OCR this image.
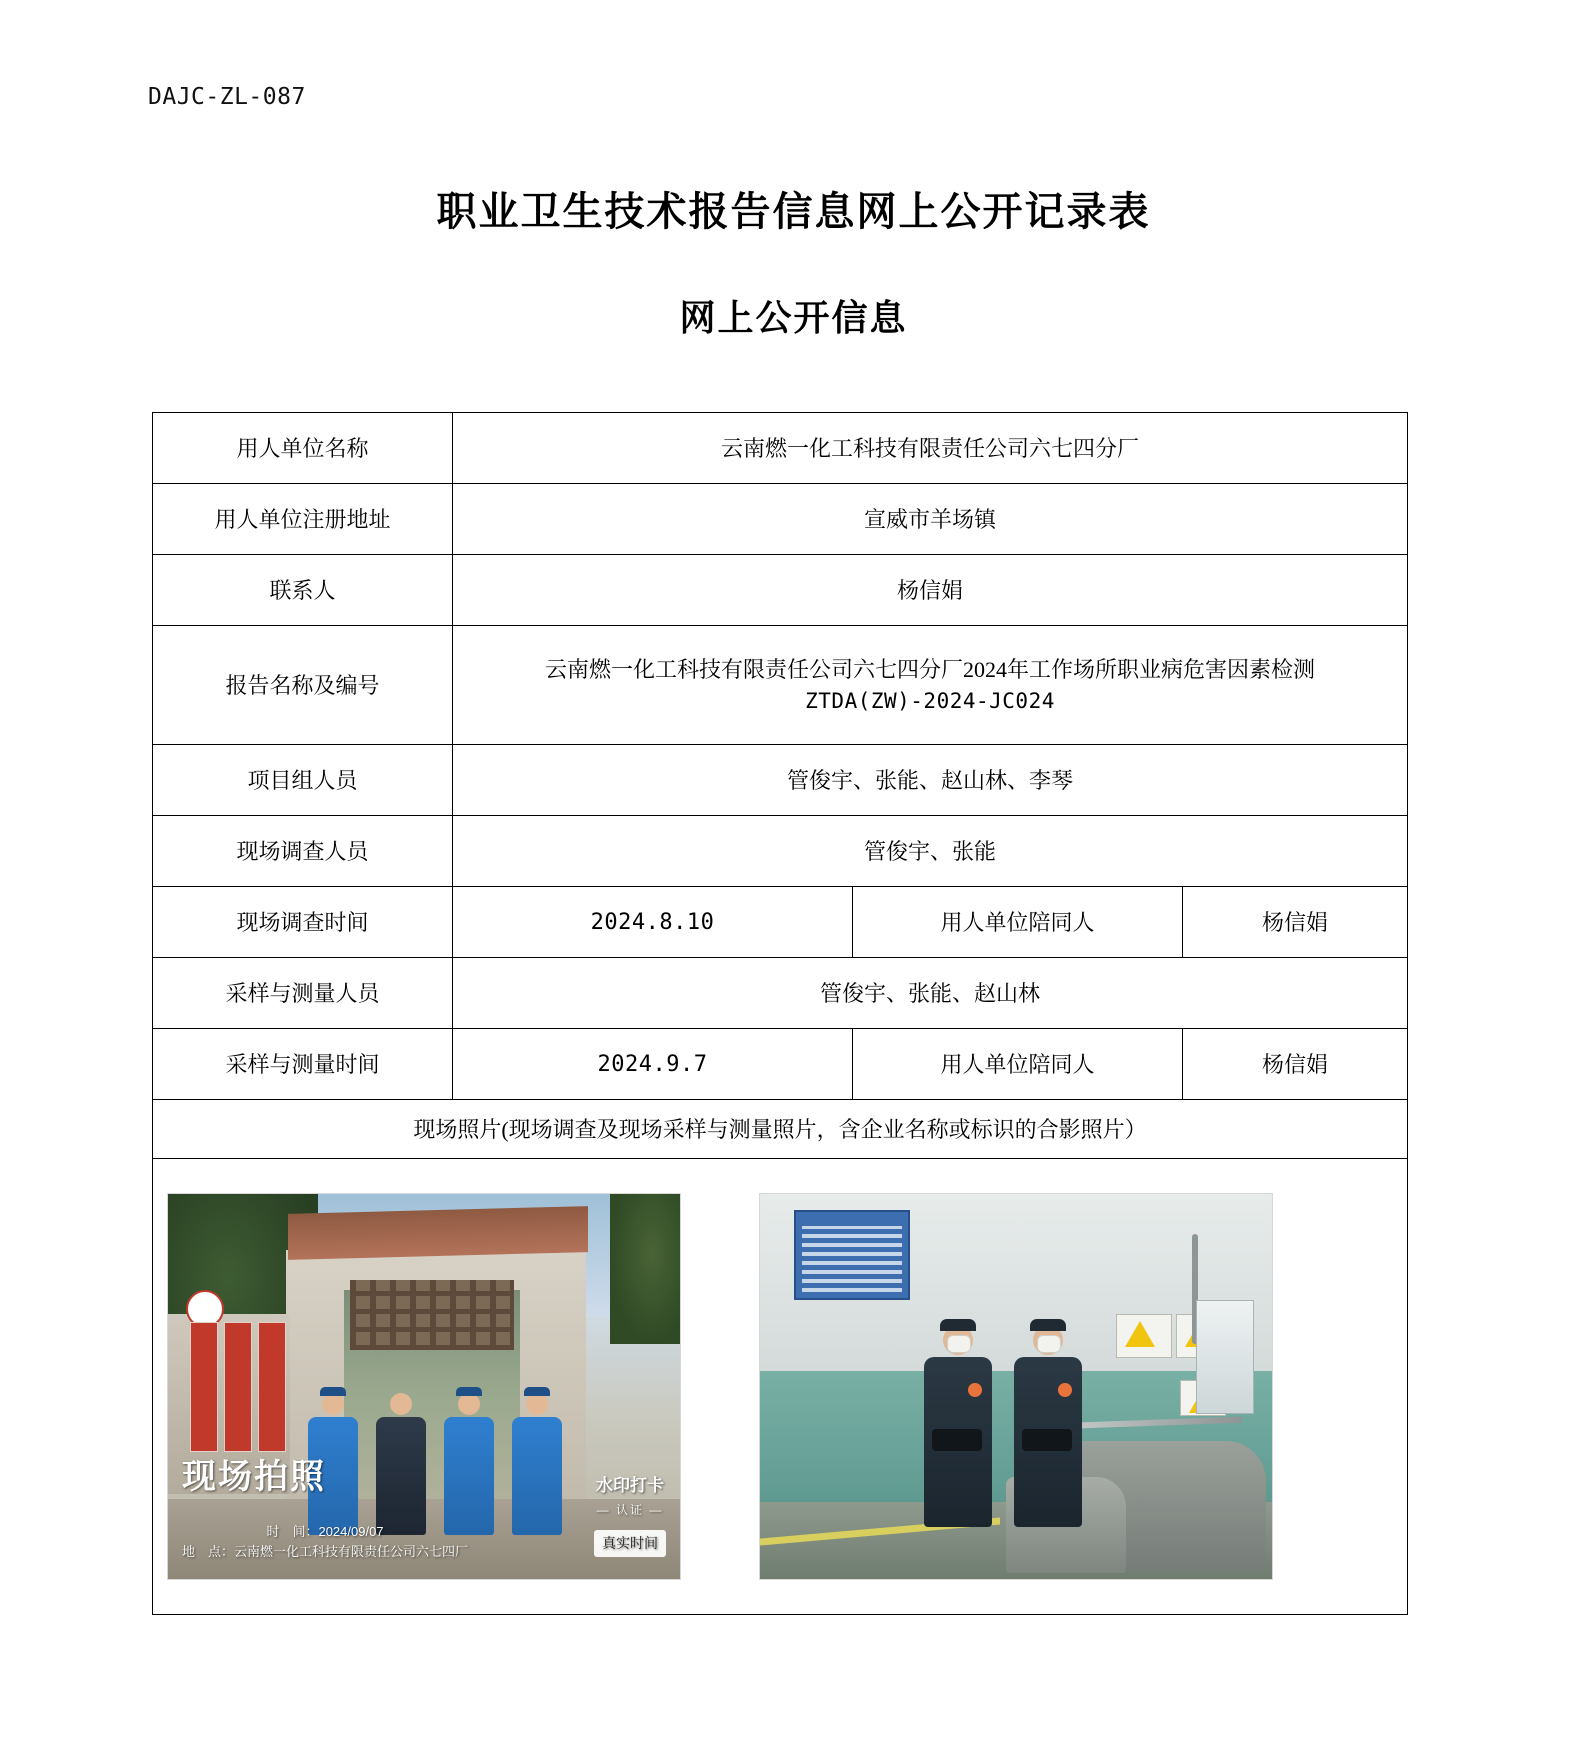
DAJC-ZL-087
职业卫生技术报告信息网上公开记录表
网上公开信息
用人单位名称	云南燃一化工科技有限责任公司六七四分厂		
用人单位注册地址	宣威市羊场镇		
联系人	杨信娟		
报告名称及编号	云南燃一化工科技有限责任公司六七四分厂2024年工作场所职业病危害因素检测
ZTDA(ZW)-2024-JC024		

项目组人员	管俊宇、张能、赵山林、李琴		
现场调查人员	管俊宇、张能		
现场调查时间	2024.8.10	用人单位陪同人	杨信娟
采样与测量人员	管俊宇、张能、赵山林		
采样与测量时间	2024.9.7	用人单位陪同人	杨信娟
现场照片(现场调查及现场采样与测量照片，含企业名称或标识的合影照片）			

现场拍照
时　间：2024/09/07
地　点：云南燃一化工科技有限责任公司六七四厂
水印打卡
— 认证 —
真实时间
